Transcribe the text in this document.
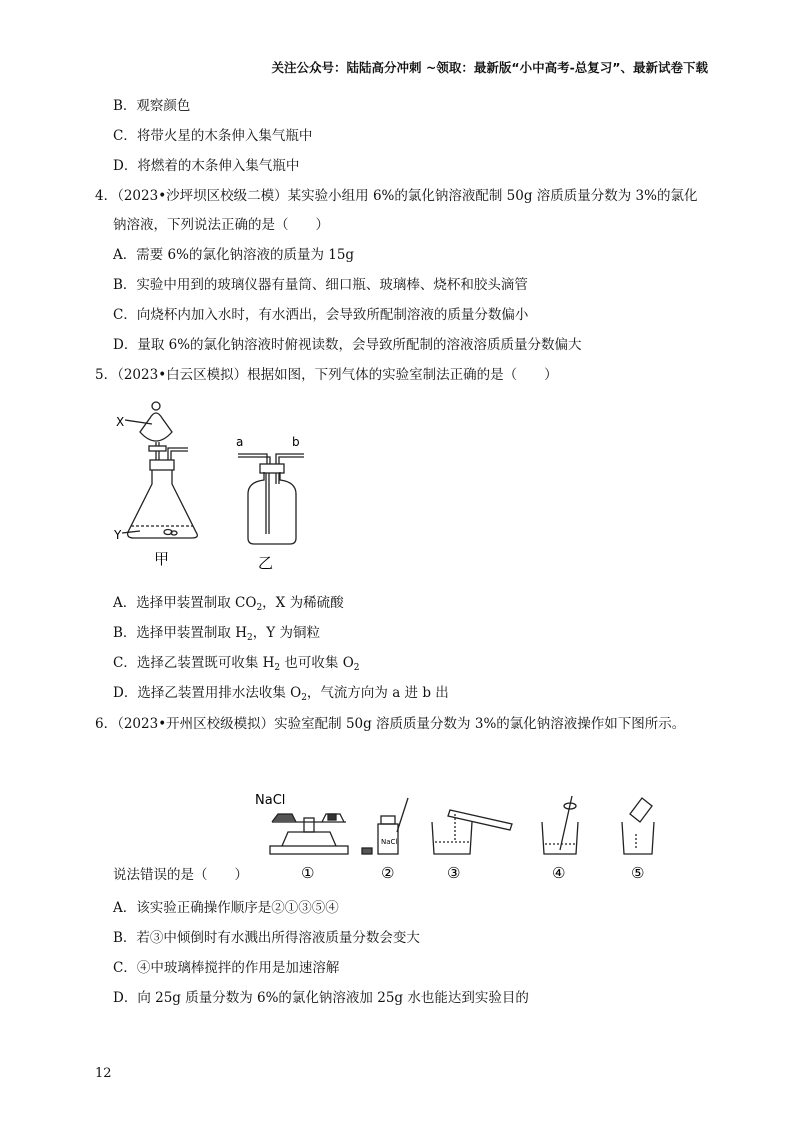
关注公众号：陆陆高分冲刺 ~领取：最新版“小中高考-总复习”、最新试卷下载
B．观察颜色
C．将带火星的木条伸入集气瓶中
D．将燃着的木条伸入集气瓶中
4．（2023•沙坪坝区校级二模）某实验小组用 6%的氯化钠溶液配制 50g 溶质质量分数为 3%的氯化
钠溶液，下列说法正确的是（　　）
A．需要 6%的氯化钠溶液的质量为 15g
B．实验中用到的玻璃仪器有量筒、细口瓶、玻璃棒、烧杯和胶头滴管
C．向烧杯内加入水时，有水洒出，会导致所配制溶液的质量分数偏小
D．量取 6%的氯化钠溶液时俯视读数，会导致所配制的溶液溶质质量分数偏大
5．（2023•白云区模拟）根据如图，下列气体的实验室制法正确的是（　　）
X
Y
a	b
甲	乙
A．选择甲装置制取 $CO_2$，X 为稀硫酸
B．选择甲装置制取 $H_2$，Y 为铜粒
C．选择乙装置既可收集 $H_2$ 也可收集 $O_2$
D．选择乙装置用排水法收集 $O_2$，气流方向为 a 进 b 出
6．（2023•开州区校级模拟）实验室配制 50g 溶质质量分数为 3%的氯化钠溶液操作如下图所示。
NaCl
NaCl
①	②	③	④	⑤
说法错误的是（　　）
A．该实验正确操作顺序是②①③⑤④
B．若③中倾倒时有水溅出所得溶液质量分数会变大
C．④中玻璃棒搅拌的作用是加速溶解
D．向 25g 质量分数为 6%的氯化钠溶液加 25g 水也能达到实验目的
12
